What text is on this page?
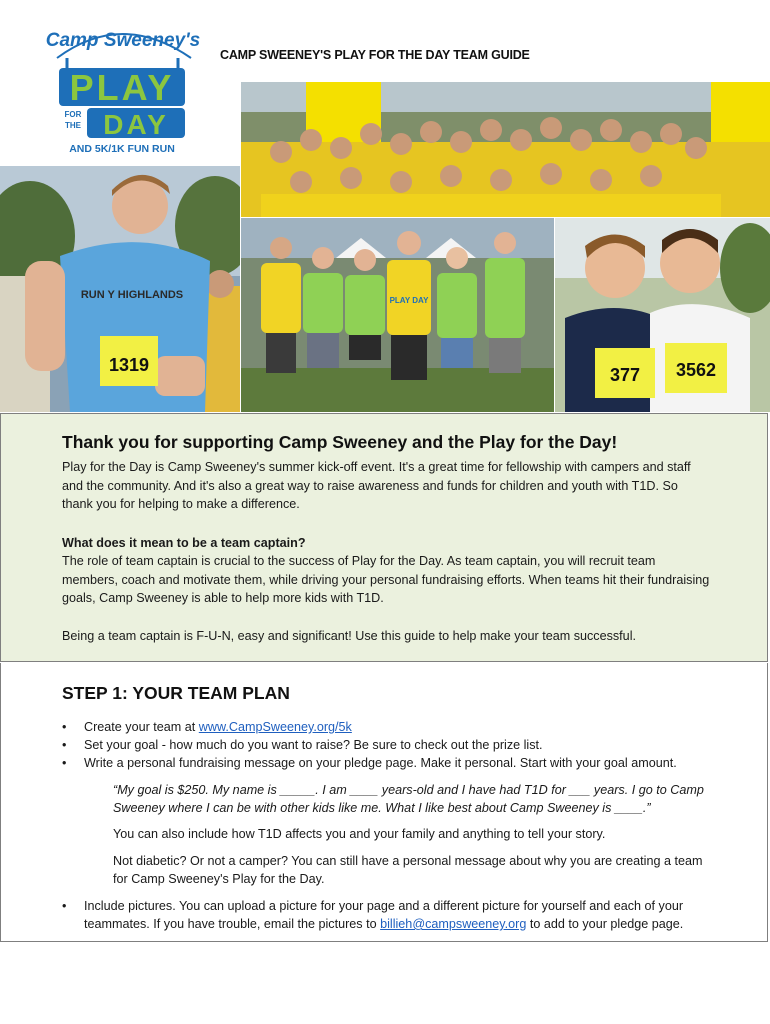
Camp Sweeney's
PLAY
FOR
THE DAY
AND 5K/1K FUN RUN
CAMP SWEENEY'S PLAY FOR THE DAY TEAM GUIDE
1319
RUN Y HIGHLANDS	PLAY DAY
377 3562
Thank you for supporting Camp Sweeney and the Play for the Day!
Play for the Day is Camp Sweeney's summer kick-off event. It's a great time for fellowship with campers and staff and the community. And it's also a great way to raise awareness and funds for children and youth with T1D. So thank you for helping to make a difference.
What does it mean to be a team captain?
The role of team captain is crucial to the success of Play for the Day. As team captain, you will recruit team members, coach and motivate them, while driving your personal fundraising efforts. When teams hit their fundraising goals, Camp Sweeney is able to help more kids with T1D.
Being a team captain is F-U-N, easy and significant! Use this guide to help make your team successful.
STEP 1: YOUR TEAM PLAN
•	Create your team at www.CampSweeney.org/5k
•	Set your goal - how much do you want to raise? Be sure to check out the prize list.
•	Write a personal fundraising message on your pledge page. Make it personal. Start with your goal amount.
“My goal is $250. My name is _____. I am ____ years-old and I have had T1D for ___ years. I go to Camp Sweeney where I can be with other kids like me. What I like best about Camp Sweeney is ____.”
You can also include how T1D affects you and your family and anything to tell your story.
Not diabetic? Or not a camper? You can still have a personal message about why you are creating a team for Camp Sweeney's Play for the Day.
•	Include pictures. You can upload a picture for your page and a different picture for yourself and each of your teammates. If you have trouble, email the pictures to billieh@campsweeney.org to add to your pledge page.
